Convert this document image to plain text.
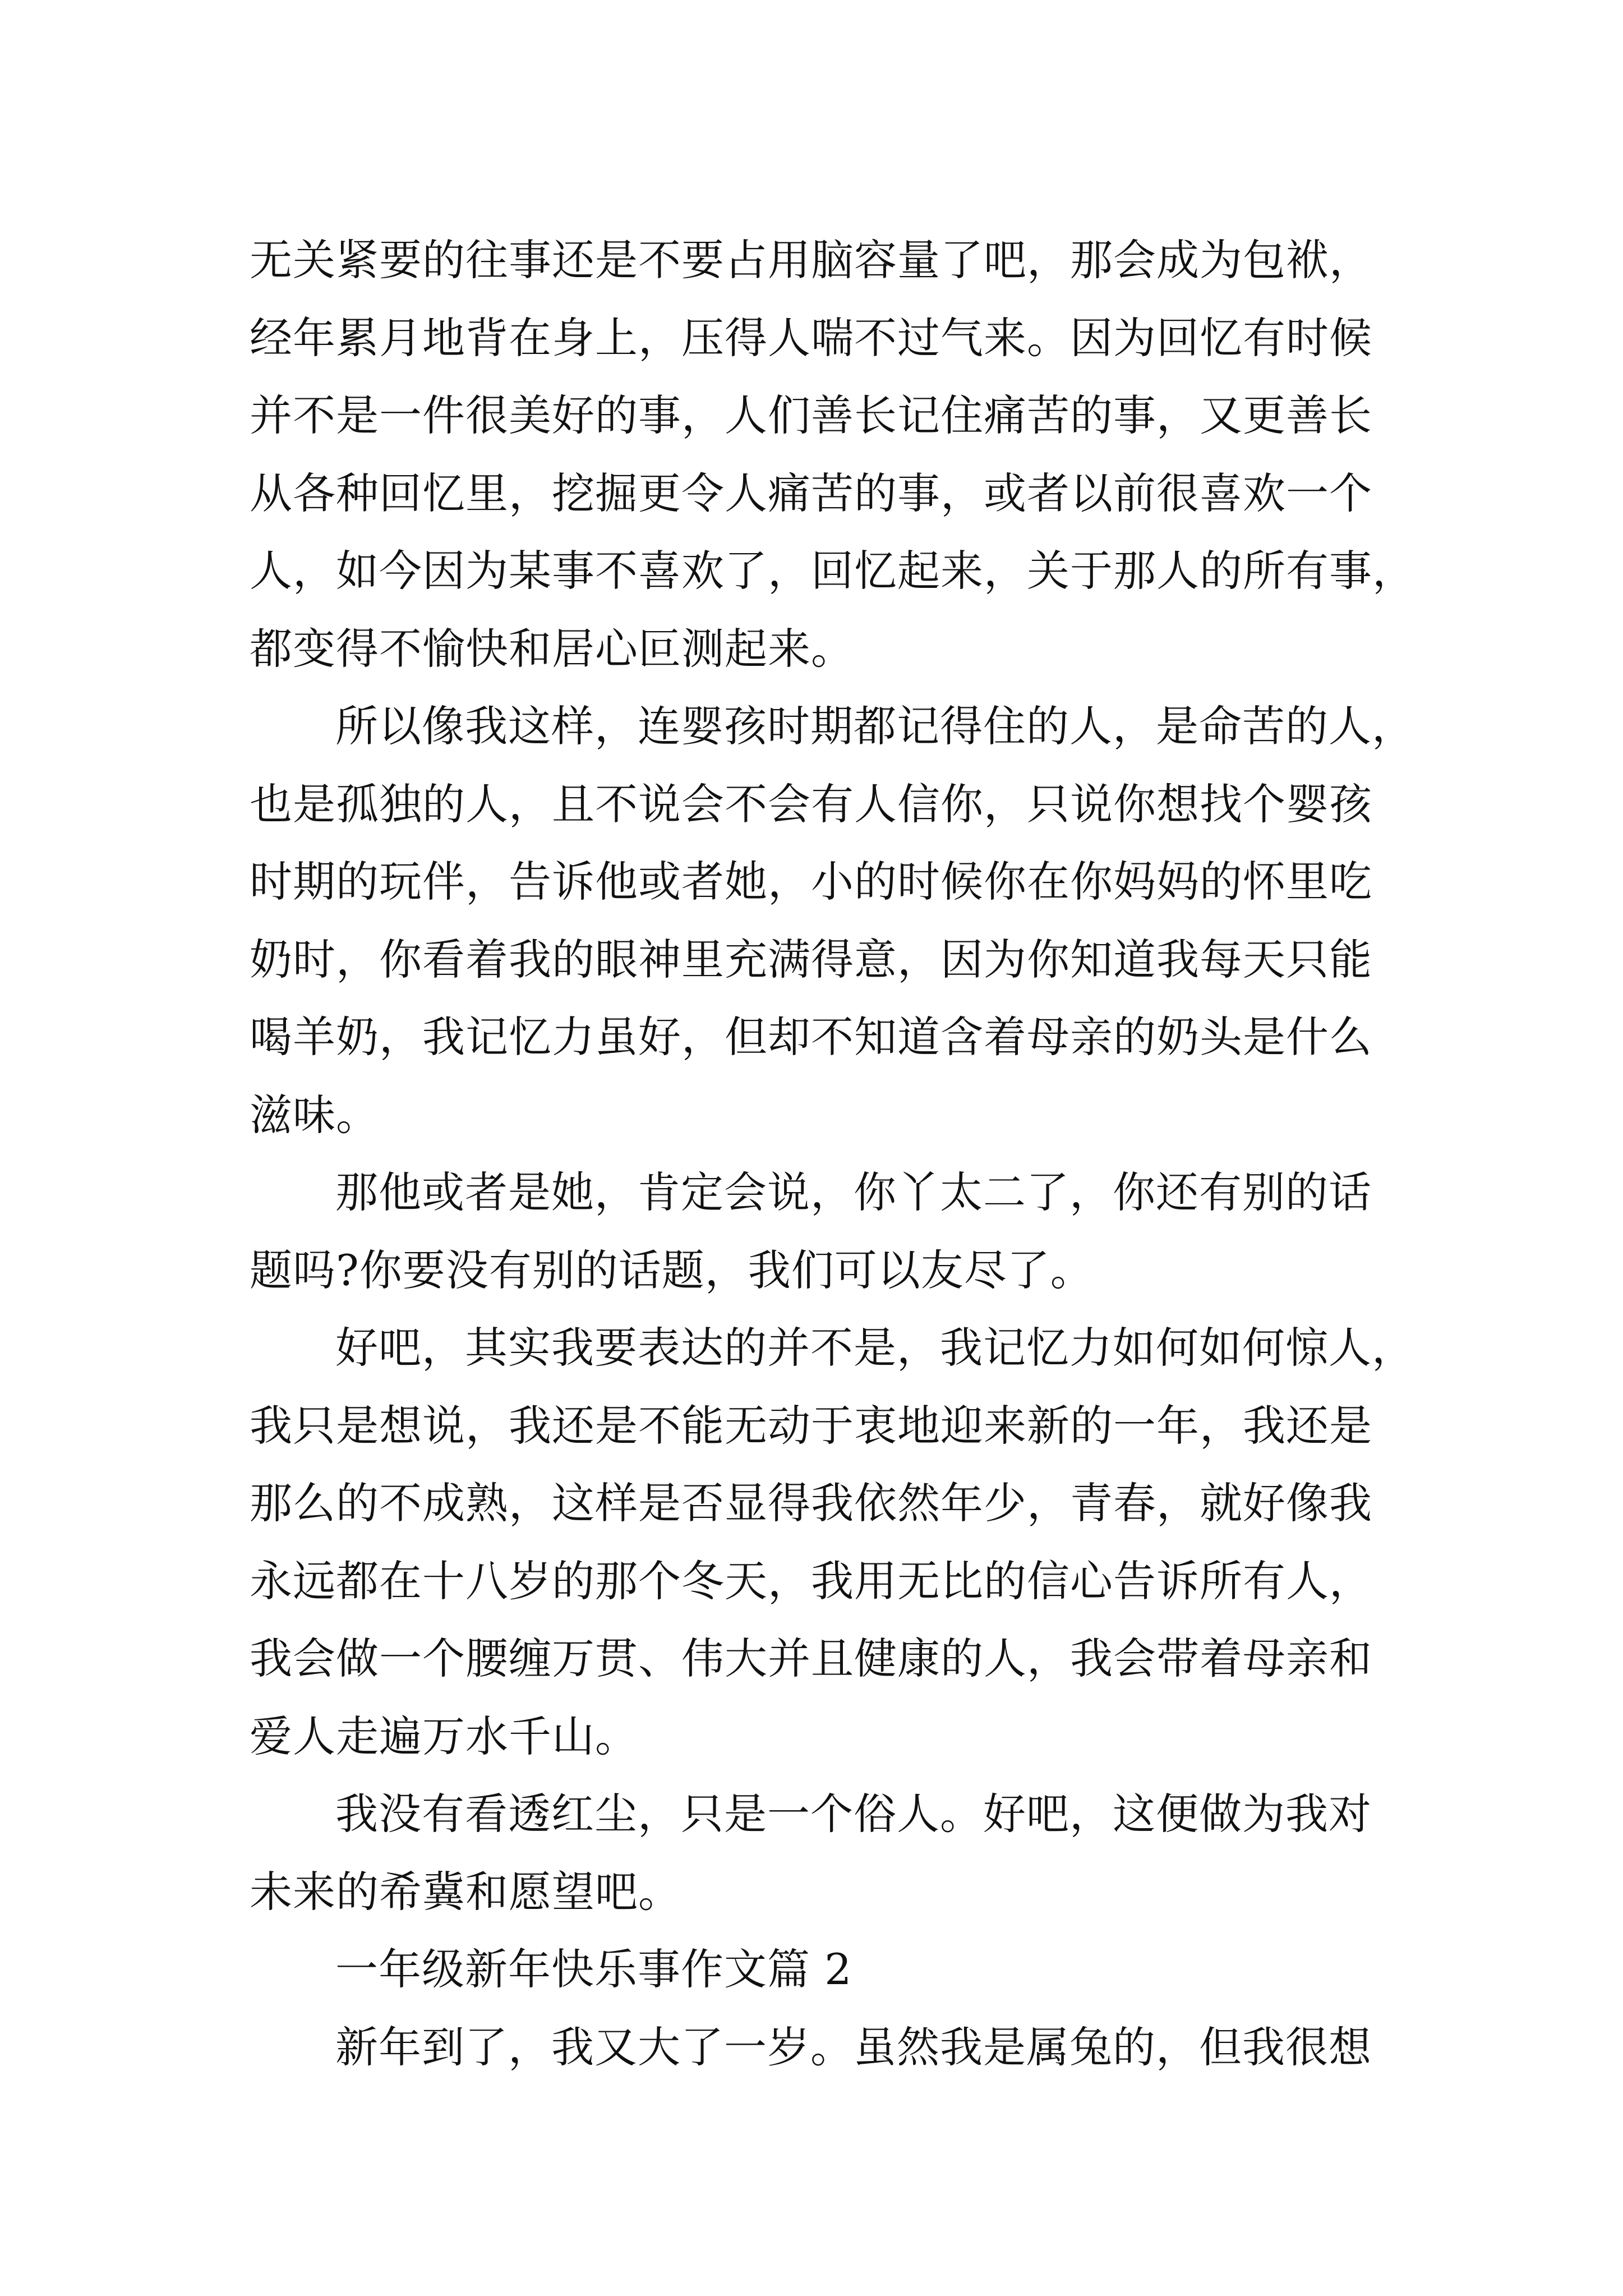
无关紧要的往事还是不要占用脑容量了吧，那会成为包袱，
经年累月地背在身上，压得人喘不过气来。因为回忆有时候
并不是一件很美好的事，人们善长记住痛苦的事，又更善长
从各种回忆里，挖掘更令人痛苦的事，或者以前很喜欢一个
人，如今因为某事不喜欢了，回忆起来，关于那人的所有事，
都变得不愉快和居心叵测起来。

所以像我这样，连婴孩时期都记得住的人，是命苦的人，
也是孤独的人，且不说会不会有人信你，只说你想找个婴孩
时期的玩伴，告诉他或者她，小的时候你在你妈妈的怀里吃
奶时，你看着我的眼神里充满得意，因为你知道我每天只能
喝羊奶，我记忆力虽好，但却不知道含着母亲的奶头是什么
滋味。

那他或者是她，肯定会说，你丫太二了，你还有别的话
题吗?你要没有别的话题，我们可以友尽了。

好吧，其实我要表达的并不是，我记忆力如何如何惊人，
我只是想说，我还是不能无动于衷地迎来新的一年，我还是
那么的不成熟，这样是否显得我依然年少，青春，就好像我
永远都在十八岁的那个冬天，我用无比的信心告诉所有人，
我会做一个腰缠万贯、伟大并且健康的人，我会带着母亲和
爱人走遍万水千山。

我没有看透红尘，只是一个俗人。好吧，这便做为我对
未来的希冀和愿望吧。

一年级新年快乐事作文篇 2

新年到了，我又大了一岁。虽然我是属兔的，但我很想
